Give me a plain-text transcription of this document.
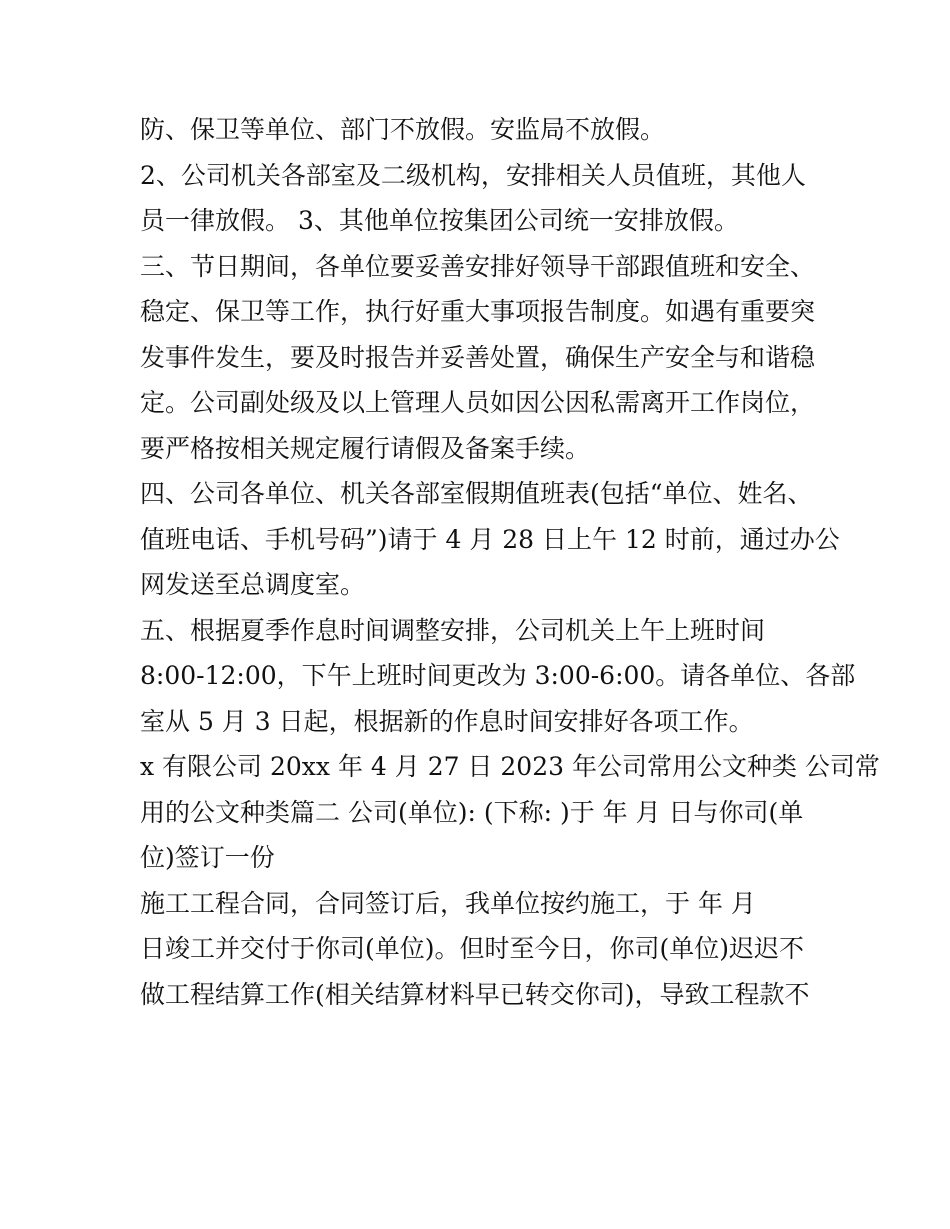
防、保卫等单位、部门不放假。安监局不放假。
2、公司机关各部室及二级机构，安排相关人员值班，其他人
员一律放假。 3、其他单位按集团公司统一安排放假。
三、节日期间，各单位要妥善安排好领导干部跟值班和安全、
稳定、保卫等工作，执行好重大事项报告制度。如遇有重要突
发事件发生，要及时报告并妥善处置，确保生产安全与和谐稳
定。公司副处级及以上管理人员如因公因私需离开工作岗位，
要严格按相关规定履行请假及备案手续。
四、公司各单位、机关各部室假期值班表(包括“单位、姓名、
值班电话、手机号码”)请于 4 月 28 日上午 12 时前，通过办公
网发送至总调度室。
五、根据夏季作息时间调整安排，公司机关上午上班时间
8:00-12:00，下午上班时间更改为 3:00-6:00。请各单位、各部
室从 5 月 3 日起，根据新的作息时间安排好各项工作。
x 有限公司 20xx 年 4 月 27 日 2023 年公司常用公文种类 公司常
用的公文种类篇二 公司(单位): (下称: )于 年 月 日与你司(单
位)签订一份
施工工程合同，合同签订后，我单位按约施工，于 年 月
日竣工并交付于你司(单位)。但时至今日，你司(单位)迟迟不
做工程结算工作(相关结算材料早已转交你司)，导致工程款不
